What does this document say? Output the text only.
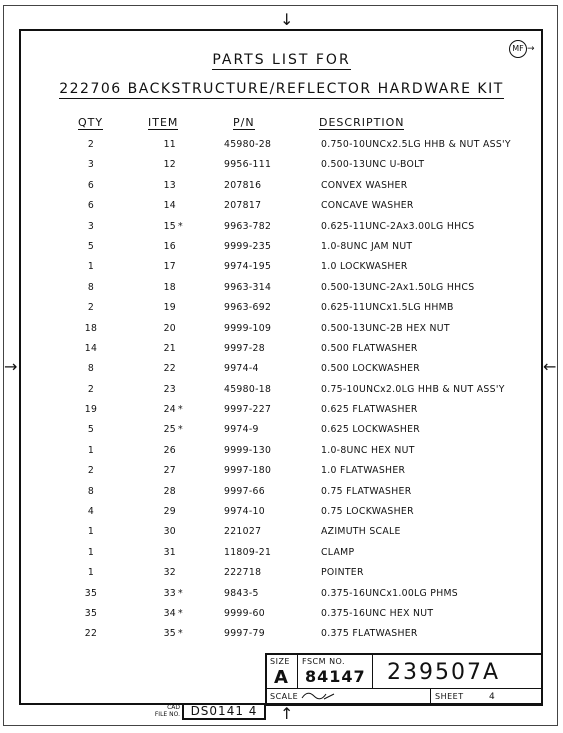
↓
→	←
↑
MF →
PARTS LIST FOR
222706 BACKSTRUCTURE/REFLECTOR HARDWARE KIT
QTY	ITEM	P/N	DESCRIPTION
2	11	45980-28	0.750-10UNCx2.5LG HHB & NUT ASS'Y
3	12	9956-111	0.500-13UNC U-BOLT
6	13	207816	CONVEX WASHER
6	14	207817	CONCAVE WASHER
3	15 *	9963-782	0.625-11UNC-2Ax3.00LG HHCS
5	16	9999-235	1.0-8UNC JAM NUT
1	17	9974-195	1.0 LOCKWASHER
8	18	9963-314	0.500-13UNC-2Ax1.50LG HHCS
2	19	9963-692	0.625-11UNCx1.5LG HHMB
18	20	9999-109	0.500-13UNC-2B HEX NUT
14	21	9997-28	0.500 FLATWASHER
8	22	9974-4	0.500 LOCKWASHER
2	23	45980-18	0.75-10UNCx2.0LG HHB & NUT ASS'Y
19	24 *	9997-227	0.625 FLATWASHER
5	25 *	9974-9	0.625 LOCKWASHER
1	26	9999-130	1.0-8UNC HEX NUT
2	27	9997-180	1.0 FLATWASHER
8	28	9997-66	0.75 FLATWASHER
4	29	9974-10	0.75 LOCKWASHER
1	30	221027	AZIMUTH SCALE
1	31	11809-21	CLAMP
1	32	222718	POINTER
35	33 *	9843-5	0.375-16UNCx1.00LG PHMS
35	34 *	9999-60	0.375-16UNC HEX NUT
22	35 *	9997-79	0.375 FLATWASHER
SIZE
A
FSCM NO.
84147 239507A
SCALE	SHEET	4
CAD
FILE NO. DS0141 4
